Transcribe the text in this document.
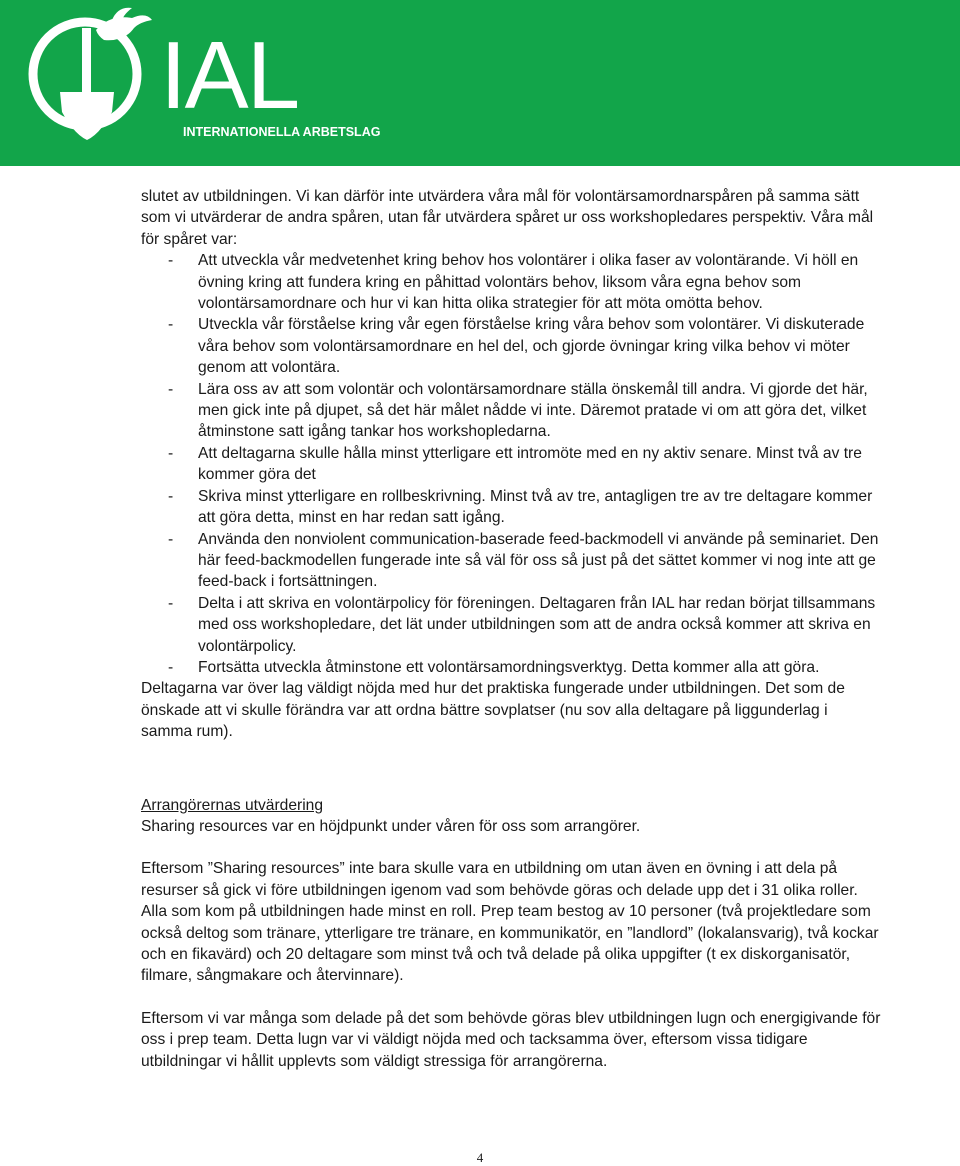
IAL
INTERNATIONELLA ARBETSLAG

slutet av utbildningen. Vi kan därför inte utvärdera våra mål för volontärsamordnarspåren på samma sätt som vi utvärderar de andra spåren, utan får utvärdera spåret ur oss workshopledares perspektiv. Våra mål för spåret var:

- Att utveckla vår medvetenhet kring behov hos volontärer i olika faser av volontärande. Vi höll en övning kring att fundera kring en påhittad volontärs behov, liksom våra egna behov som volontärsamordnare och hur vi kan hitta olika strategier för att möta omötta behov.
- Utveckla vår förståelse kring vår egen förståelse kring våra behov som volontärer. Vi diskuterade våra behov som volontärsamordnare en hel del, och gjorde övningar kring vilka behov vi möter genom att volontära.
- Lära oss av att som volontär och volontärsamordnare ställa önskemål till andra. Vi gjorde det här, men gick inte på djupet, så det här målet nådde vi inte. Däremot pratade vi om att göra det, vilket åtminstone satt igång tankar hos workshopledarna.
- Att deltagarna skulle hålla minst ytterligare ett intromöte med en ny aktiv senare. Minst två av tre kommer göra det
- Skriva minst ytterligare en rollbeskrivning. Minst två av tre, antagligen tre av tre deltagare kommer att göra detta, minst en har redan satt igång.
- Använda den nonviolent communication-baserade feed-backmodell vi använde på seminariet. Den här feed-backmodellen fungerade inte så väl för oss så just på det sättet kommer vi nog inte att ge feed-back i fortsättningen.
- Delta i att skriva en volontärpolicy för föreningen. Deltagaren från IAL har redan börjat tillsammans med oss workshopledare, det lät under utbildningen som att de andra också kommer att skriva en volontärpolicy.
- Fortsätta utveckla åtminstone ett volontärsamordningsverktyg. Detta kommer alla att göra.

Deltagarna var över lag väldigt nöjda med hur det praktiska fungerade under utbildningen. Det som de önskade att vi skulle förändra var att ordna bättre sovplatser (nu sov alla deltagare på liggunderlag i samma rum).

Arrangörernas utvärdering

Sharing resources var en höjdpunkt under våren för oss som arrangörer.

Eftersom ”Sharing resources” inte bara skulle vara en utbildning om utan även en övning i att dela på resurser så gick vi före utbildningen igenom vad som behövde göras och delade upp det i 31 olika roller. Alla som kom på utbildningen hade minst en roll. Prep team bestog av 10 personer (två projektledare som också deltog som tränare, ytterligare tre tränare, en kommunikatör, en ”landlord” (lokalansvarig), två kockar och en fikavärd) och 20 deltagare som minst två och två delade på olika uppgifter (t ex diskorganisatör, filmare, sångmakare och återvinnare).

Eftersom vi var många som delade på det som behövde göras blev utbildningen lugn och energigivande för oss i prep team. Detta lugn var vi väldigt nöjda med och tacksamma över, eftersom vissa tidigare utbildningar vi hållit upplevts som väldigt stressiga för arrangörerna.

4
